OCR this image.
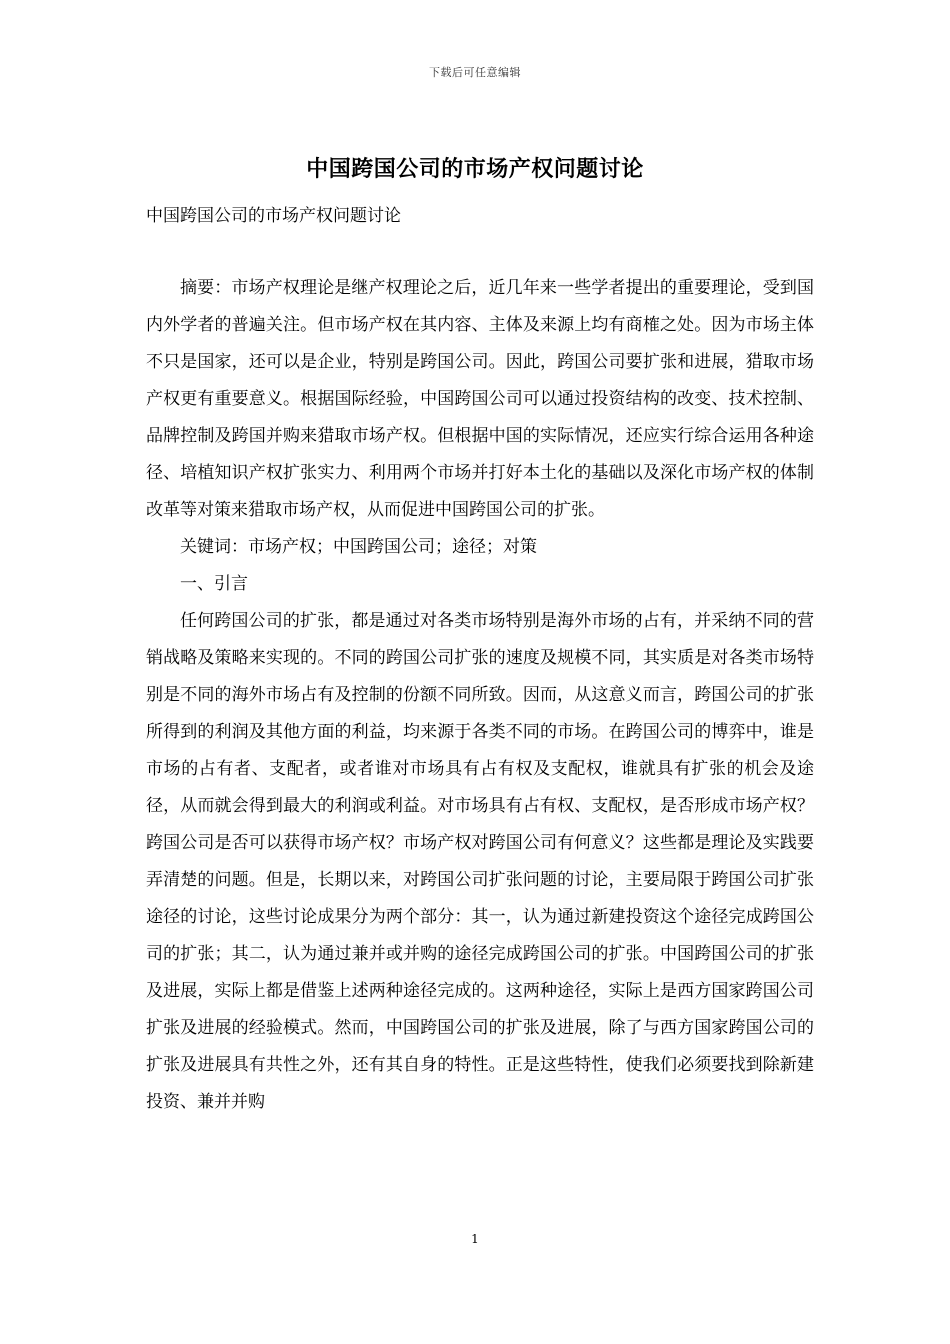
下载后可任意编辑
中国跨国公司的市场产权问题讨论
中国跨国公司的市场产权问题讨论

摘要：市场产权理论是继产权理论之后，近几年来一些学者提出的重要理论，受到国内外学者的普遍关注。但市场产权在其内容、主体及来源上均有商榷之处。因为市场主体不只是国家，还可以是企业，特别是跨国公司。因此，跨国公司要扩张和进展，猎取市场产权更有重要意义。根据国际经验，中国跨国公司可以通过投资结构的改变、技术控制、品牌控制及跨国并购来猎取市场产权。但根据中国的实际情况，还应实行综合运用各种途径、培植知识产权扩张实力、利用两个市场并打好本土化的基础以及深化市场产权的体制改革等对策来猎取市场产权，从而促进中国跨国公司的扩张。

关键词：市场产权；中国跨国公司；途径；对策

一、引言

任何跨国公司的扩张，都是通过对各类市场特别是海外市场的占有，并采纳不同的营销战略及策略来实现的。不同的跨国公司扩张的速度及规模不同，其实质是对各类市场特别是不同的海外市场占有及控制的份额不同所致。因而，从这意义而言，跨国公司的扩张所得到的利润及其他方面的利益，均来源于各类不同的市场。在跨国公司的博弈中，谁是市场的占有者、支配者，或者谁对市场具有占有权及支配权，谁就具有扩张的机会及途径，从而就会得到最大的利润或利益。对市场具有占有权、支配权，是否形成市场产权？跨国公司是否可以获得市场产权？市场产权对跨国公司有何意义？这些都是理论及实践要弄清楚的问题。但是，长期以来，对跨国公司扩张问题的讨论，主要局限于跨国公司扩张途径的讨论，这些讨论成果分为两个部分：其一，认为通过新建投资这个途径完成跨国公司的扩张；其二，认为通过兼并或并购的途径完成跨国公司的扩张。中国跨国公司的扩张及进展，实际上都是借鉴上述两种途径完成的。这两种途径，实际上是西方国家跨国公司扩张及进展的经验模式。然而，中国跨国公司的扩张及进展，除了与西方国家跨国公司的扩张及进展具有共性之外，还有其自身的特性。正是这些特性，使我们必须要找到除新建投资、兼并并购

1
